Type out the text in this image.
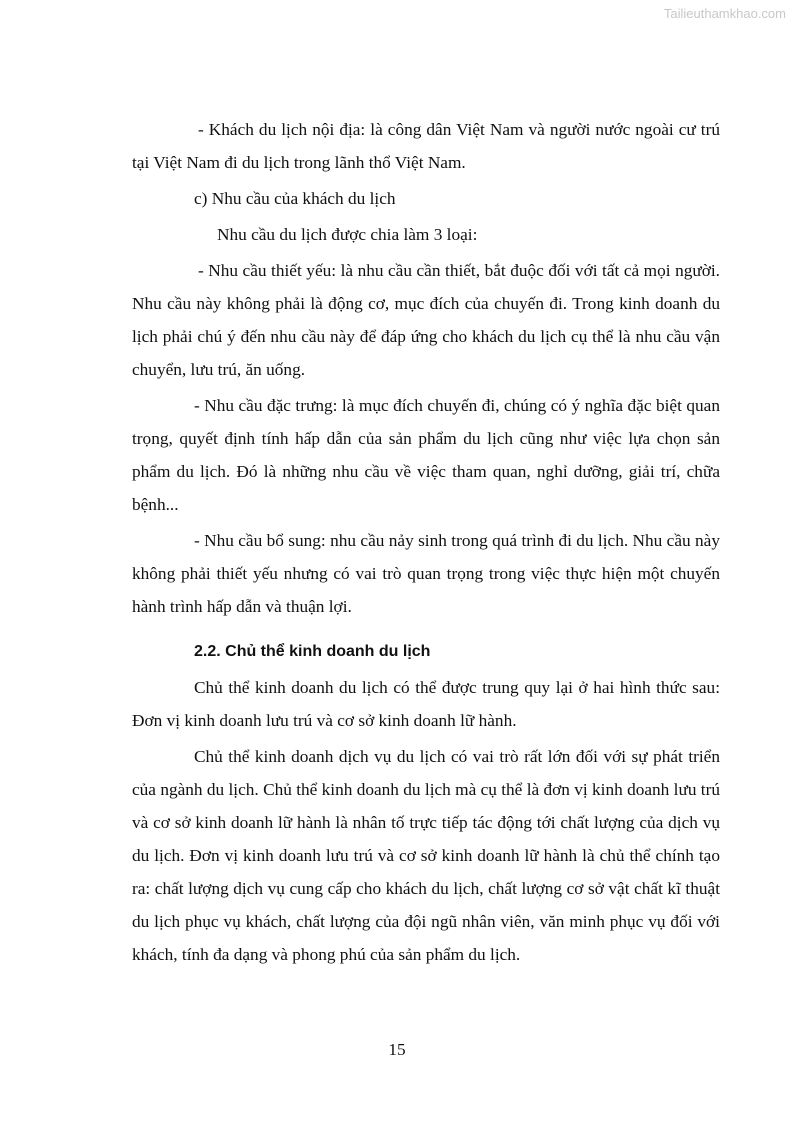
Tailieuthamkhao.com

- Khách du lịch nội địa: là công dân Việt Nam và người nước ngoài cư trú tại Việt Nam đi du lịch trong lãnh thổ Việt Nam.

c) Nhu cầu của khách du lịch

Nhu cầu du lịch được chia làm 3 loại:

- Nhu cầu thiết yếu: là nhu cầu cần thiết, bắt đuộc đối với tất cả mọi người. Nhu cầu này không phải là động cơ, mục đích của chuyến đi. Trong kinh doanh du lịch phải chú ý đến nhu cầu này để đáp ứng cho khách du lịch cụ thể là nhu cầu vận chuyển, lưu trú, ăn uống.

- Nhu cầu đặc trưng: là mục đích chuyến đi, chúng có ý nghĩa đặc biệt quan trọng, quyết định tính hấp dẫn của sản phẩm du lịch cũng như việc lựa chọn sản phẩm du lịch. Đó là những nhu cầu về việc tham quan, nghỉ dưỡng, giải trí, chữa bệnh...

- Nhu cầu bổ sung: nhu cầu nảy sinh trong quá trình đi du lịch. Nhu cầu này không phải thiết yếu nhưng có vai trò quan trọng trong việc thực hiện một chuyến hành trình hấp dẫn và thuận lợi.

2.2. Chủ thể kinh doanh du lịch

Chủ thể kinh doanh du lịch có thể được trung quy lại ở hai hình thức sau: Đơn vị kinh doanh lưu trú và cơ sở kinh doanh lữ hành.

Chủ thể kinh doanh dịch vụ du lịch có vai trò rất lớn đối với sự phát triển của ngành du lịch. Chủ thể kinh doanh du lịch mà cụ thể là đơn vị kinh doanh lưu trú và cơ sở kinh doanh lữ hành là nhân tố trực tiếp tác động tới chất lượng của dịch vụ du lịch. Đơn vị kinh doanh lưu trú và cơ sở kinh doanh lữ hành là chủ thể chính tạo ra: chất lượng dịch vụ cung cấp cho khách du lịch, chất lượng cơ sở vật chất kĩ thuật du lịch phục vụ khách, chất lượng của đội ngũ nhân viên, văn minh phục vụ đối với khách, tính đa dạng và phong phú của sản phẩm du lịch.

15
